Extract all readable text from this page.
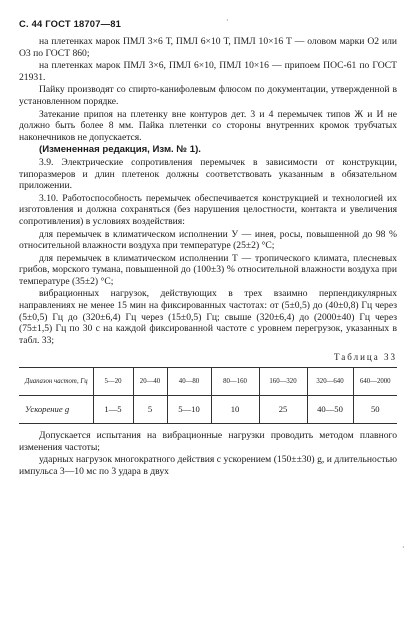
С. 44 ГОСТ 18707—81	·

на плетенках марок ПМЛ 3×6 Т, ПМЛ 6×10 Т, ПМЛ 10×16 Т — оловом марки О2 или О3 по ГОСТ 860;

на плетенках марок ПМЛ 3×6, ПМЛ 6×10, ПМЛ 10×16 — припоем ПОС-61 по ГОСТ 21931.

Пайку производят со спирто-канифолевым флюсом по документации, утвержденной в установленном порядке.

Затекание припоя на плетенку вне контуров дет. 3 и 4 перемычек типов Ж и И не должно быть более 8 мм. Пайка плетенки со стороны внутренних кромок трубчатых наконечников не допускается.

(Измененная редакция, Изм. № 1).

3.9. Электрические сопротивления перемычек в зависимости от конструкции, типоразмеров и длин плетенок должны соответствовать указанным в обязательном приложении.

3.10. Работоспособность перемычек обеспечивается конструкцией и технологией их изготовления и должна сохраняться (без нарушения целостности, контакта и увеличения сопротивления) в условиях воздействия:

для перемычек в климатическом исполнении У — инея, росы, повышенной до 98 % относительной влажности воздуха при температуре (25±2) °С;

для перемычек в климатическом исполнении Т — тропического климата, плесневых грибов, морского тумана, повышенной до (100±3) % относительной влажности воздуха при температуре (35±2) °С;

вибрационных нагрузок, действующих в трех взаимно перпендикулярных направлениях не менее 15 мин на фиксированных частотах: от (5±0,5) до (40±0,8) Гц через (5±0,5) Гц до (320±6,4) Гц через (15±0,5) Гц; свыше (320±6,4) до (2000±40) Гц через (75±1,5) Гц по 30 с на каждой фиксированной частоте с уровнем перегрузок, указанных в табл. 33;

Таблица 33
Диапазон частот, Гц	5—20	20—40	40—80	80—160	160—320	320—640	640—2000
Ускорение g	1—5	5	5—10	10	25	40—50	50

Допускается испытания на вибрационные нагрузки проводить методом плавного изменения частоты;

ударных нагрузок многократного действия с ускорением (150±±30) g, и длительностью импульса 3—10 мс по 3 удара в двух

·
